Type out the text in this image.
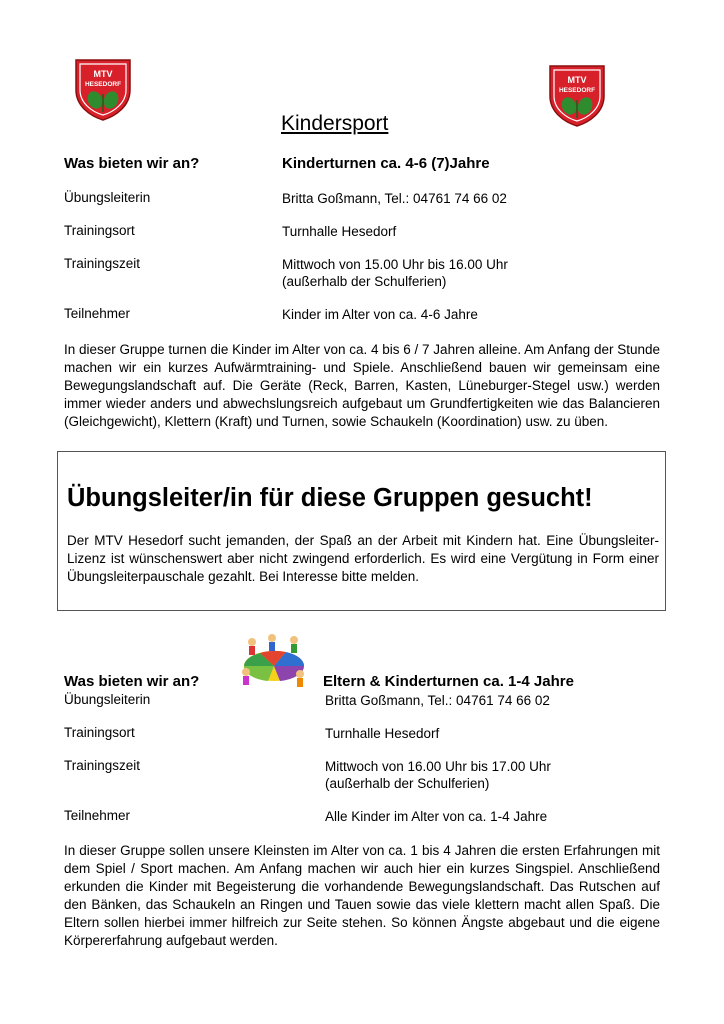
MTV
HESEDORF	MTV
HESEDORF
Kindersport
Was bieten wir an?	Kinderturnen ca. 4-6 (7)Jahre
Übungsleiterin	Britta Goßmann, Tel.: 04761 74 66 02
Trainingsort	Turnhalle Hesedorf
Trainingszeit	Mittwoch von 15.00 Uhr bis 16.00 Uhr
(außerhalb der Schulferien)
Teilnehmer	Kinder im Alter von ca. 4-6 Jahre
In dieser Gruppe turnen die Kinder im Alter von ca. 4 bis 6 / 7 Jahren alleine. Am Anfang der Stunde machen wir ein kurzes Aufwärmtraining- und Spiele. Anschließend bauen wir gemeinsam eine Bewegungslandschaft auf. Die Geräte (Reck, Barren, Kasten, Lüneburger-Stegel usw.) werden immer wieder anders und abwechslungsreich aufgebaut um Grundfertigkeiten wie das Balancieren (Gleichgewicht), Klettern (Kraft) und Turnen, sowie Schaukeln (Koordination) usw. zu üben.
Übungsleiter/in für diese Gruppen gesucht!
Der MTV Hesedorf sucht jemanden, der Spaß an der Arbeit mit Kindern hat. Eine Übungsleiter-Lizenz ist wünschenswert aber nicht zwingend erforderlich. Es wird eine Vergütung in Form einer Übungsleiterpauschale gezahlt. Bei Interesse bitte melden.
Was bieten wir an?	Eltern & Kinderturnen ca. 1-4 Jahre
Übungsleiterin	Britta Goßmann, Tel.: 04761 74 66 02
Trainingsort	Turnhalle Hesedorf
Trainingszeit	Mittwoch von 16.00 Uhr bis 17.00 Uhr
(außerhalb der Schulferien)
Teilnehmer	Alle Kinder im Alter von ca. 1-4 Jahre
In dieser Gruppe sollen unsere Kleinsten im Alter von ca. 1 bis 4 Jahren die ersten Erfahrungen mit dem Spiel / Sport machen. Am Anfang machen wir auch hier ein kurzes Singspiel. Anschließend erkunden die Kinder mit Begeisterung die vorhandende Bewegungslandschaft. Das Rutschen auf den Bänken, das Schaukeln an Ringen und Tauen sowie das viele klettern macht allen Spaß. Die Eltern sollen hierbei immer hilfreich zur Seite stehen. So können Ängste abgebaut und die eigene Körpererfahrung aufgebaut werden.
